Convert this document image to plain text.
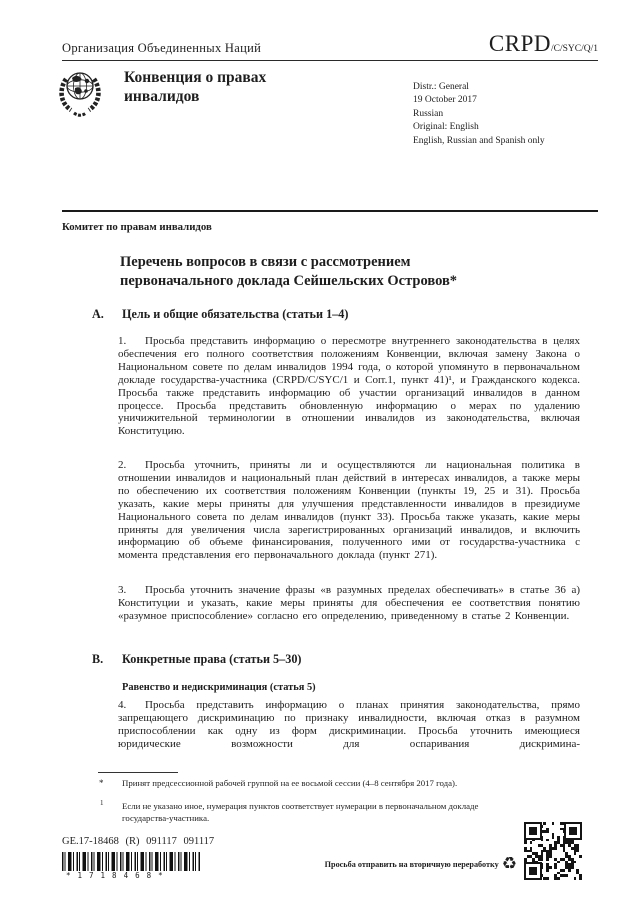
Организация Объединенных Наций	CRPD /C/SYC/Q/1
Конвенция о правах инвалидов
Distr.: General
19 October 2017
Russian
Original: English
English, Russian and Spanish only
Комитет по правам инвалидов
Перечень вопросов в связи с рассмотрением первоначального доклада Сейшельских Островов*
A. Цель и общие обязательства (статьи 1–4)
1. Просьба представить информацию о пересмотре внутреннего законодательства в целях обеспечения его полного соответствия положениям Конвенции, включая замену Закона о Национальном совете по делам инвалидов 1994 года, о которой упомянуто в первоначальном докладе государства-участника (CRPD/C/SYC/1 и Corr.1, пункт 41)¹, и Гражданского кодекса. Просьба также представить информацию об участии организаций инвалидов в данном процессе. Просьба представить обновленную информацию о мерах по удалению уничижительной терминологии в отношении инвалидов из законодательства, включая Конституцию.
2. Просьба уточнить, приняты ли и осуществляются ли национальная политика в отношении инвалидов и национальный план действий в интересах инвалидов, а также меры по обеспечению их соответствия положениям Конвенции (пункты 19, 25 и 31). Просьба указать, какие меры приняты для улучшения представленности инвалидов в президиуме Национального совета по делам инвалидов (пункт 33). Просьба также указать, какие меры приняты для увеличения числа зарегистрированных организаций инвалидов, и включить информацию об объеме финансирования, полученного ими от государства-участника с момента представления его первоначального доклада (пункт 271).
3. Просьба уточнить значение фразы «в разумных пределах обеспечивать» в статье 36 а) Конституции и указать, какие меры приняты для обеспечения ее соответствия понятию «разумное приспособление» согласно его определению, приведенному в статье 2 Конвенции.
B. Конкретные права (статьи 5–30)
Равенство и недискриминация (статья 5)
4. Просьба представить информацию о планах принятия законодательства, прямо запрещающего дискриминацию по признаку инвалидности, включая отказ в разумном приспособлении как одну из форм дискриминации. Просьба уточнить имеющиеся юридические возможности для оспаривания дискримина-
* Принят предсессионной рабочей группой на ее восьмой сессии (4–8 сентября 2017 года).
1 Если не указано иное, нумерация пунктов соответствует нумерации в первоначальном докладе государства-участника.
GE.17-18468 (R) 091117 091117
*1718468*
Просьба отправить на вторичную переработку ♻
